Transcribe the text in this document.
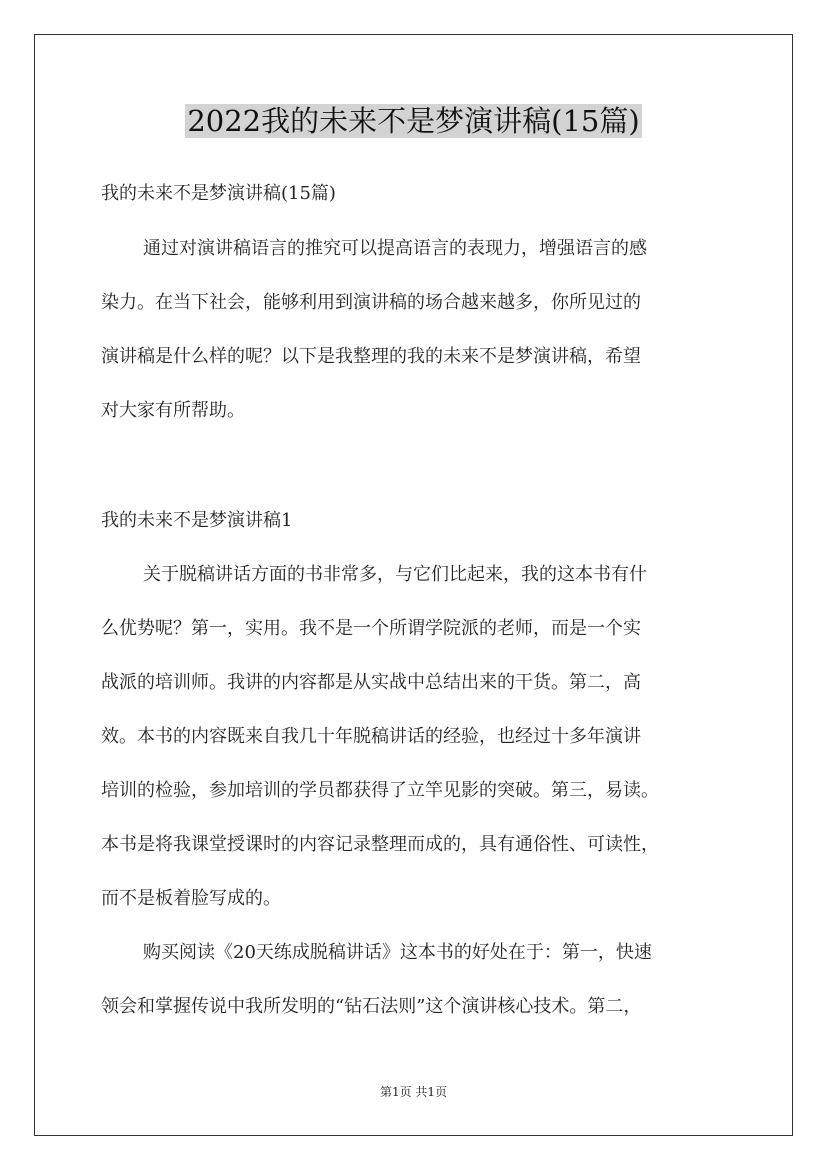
2022我的未来不是梦演讲稿(15篇)
我的未来不是梦演讲稿(15篇)
通过对演讲稿语言的推究可以提高语言的表现力，增强语言的感
染力。在当下社会，能够利用到演讲稿的场合越来越多，你所见过的
演讲稿是什么样的呢？以下是我整理的我的未来不是梦演讲稿，希望
对大家有所帮助。
我的未来不是梦演讲稿1
关于脱稿讲话方面的书非常多，与它们比起来，我的这本书有什
么优势呢？第一，实用。我不是一个所谓学院派的老师，而是一个实
战派的培训师。我讲的内容都是从实战中总结出来的干货。第二，高
效。本书的内容既来自我几十年脱稿讲话的经验，也经过十多年演讲
培训的检验，参加培训的学员都获得了立竿见影的突破。第三，易读。
本书是将我课堂授课时的内容记录整理而成的，具有通俗性、可读性，
而不是板着脸写成的。
购买阅读《20天练成脱稿讲话》这本书的好处在于：第一，快速
领会和掌握传说中我所发明的“钻石法则”这个演讲核心技术。第二，
第1页 共1页
